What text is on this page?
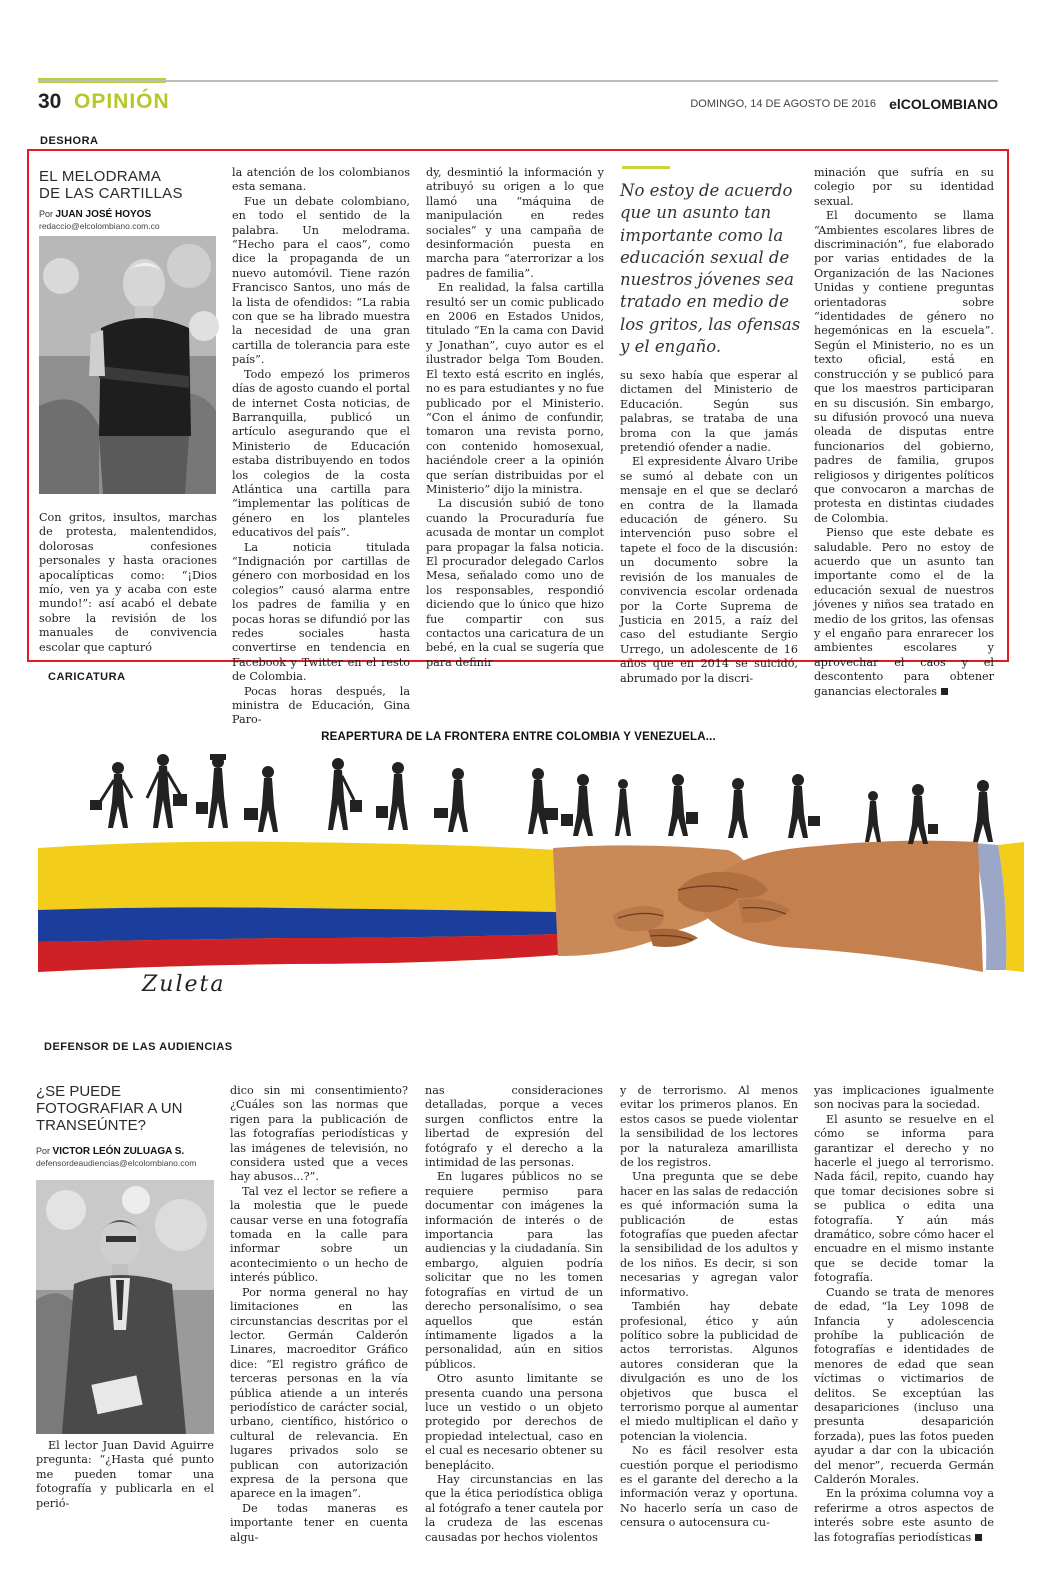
30 OPINIÓN	DOMINGO, 14 DE AGOSTO DE 2016 elCOLOMBIANO
DESHORA
EL MELODRAMA
DE LAS CARTILLAS
Por JUAN JOSÉ HOYOS
redaccio@elcolombiano.com.co

Con gritos, insultos, marchas de protesta, malentendidos, dolorosas confesiones personales y hasta oraciones apocalípticas como: “¡Dios mío, ven ya y acaba con este mundo!”: así acabó el debate sobre la revisión de los manuales de convivencia escolar que capturó

la atención de los colombianos esta semana.

Fue un debate colombiano, en todo el sentido de la palabra. Un melodrama. “Hecho para el caos”, como dice la propaganda de un nuevo automóvil. Tiene razón Francisco Santos, uno más de la lista de ofendidos: “La rabia con que se ha librado muestra la necesidad de una gran cartilla de tolerancia para este país”.

Todo empezó los primeros días de agosto cuando el portal de internet Costa noticias, de Barranquilla, publicó un artículo asegurando que el Ministerio de Educación estaba distribuyendo en todos los colegios de la costa Atlántica una cartilla para “implementar las políticas de género en los planteles educativos del país”.

La noticia titulada “Indignación por cartillas de género con morbosidad en los colegios” causó alarma entre los padres de familia y en pocas horas se difundió por las redes sociales hasta convertirse en tendencia en Facebook y Twitter en el resto de Colombia.

Pocas horas después, la ministra de Educación, Gina Paro-

dy, desmintió la información y atribuyó su origen a lo que llamó una “máquina de manipulación en redes sociales” y una campaña de desinformación puesta en marcha para “aterrorizar a los padres de familia”.

En realidad, la falsa cartilla resultó ser un comic publicado en 2006 en Estados Unidos, titulado “En la cama con David y Jonathan”, cuyo autor es el ilustrador belga Tom Bouden. El texto está escrito en inglés, no es para estudiantes y no fue publicado por el Ministerio. “Con el ánimo de confundir, tomaron una revista porno, con contenido homosexual, haciéndole creer a la opinión que serían distribuidas por el Ministerio” dijo la ministra.

La discusión subió de tono cuando la Procuraduría fue acusada de montar un complot para propagar la falsa noticia. El procurador delegado Carlos Mesa, señalado como uno de los responsables, respondió diciendo que lo único que hizo fue compartir con sus contactos una caricatura de un bebé, en la cual se sugería que para definir

No estoy de acuerdo que un asunto tan importante como la educación sexual de nuestros jóvenes sea tratado en medio de los gritos, las ofensas y el engaño.

su sexo había que esperar al dictamen del Ministerio de Educación. Según sus palabras, se trataba de una broma con la que jamás pretendió ofender a nadie.

El expresidente Álvaro Uribe se sumó al debate con un mensaje en el que se declaró en contra de la llamada educación de género. Su intervención puso sobre el tapete el foco de la discusión: un documento sobre la revisión de los manuales de convivencia escolar ordenada por la Corte Suprema de Justicia en 2015, a raíz del caso del estudiante Sergio Urrego, un adolescente de 16 años que en 2014 se suicidó, abrumado por la discri-

minación que sufría en su colegio por su identidad sexual.

El documento se llama “Ambientes escolares libres de discriminación”, fue elaborado por varias entidades de la Organización de las Naciones Unidas y contiene preguntas orientadoras sobre “identidades de género no hegemónicas en la escuela”. Según el Ministerio, no es un texto oficial, está en construcción y se publicó para que los maestros participaran en su discusión. Sin embargo, su difusión provocó una nueva oleada de disputas entre funcionarios del gobierno, padres de familia, grupos religiosos y dirigentes políticos que convocaron a marchas de protesta en distintas ciudades de Colombia.

Pienso que este debate es saludable. Pero no estoy de acuerdo que un asunto tan importante como el de la educación sexual de nuestros jóvenes y niños sea tratado en medio de los gritos, las ofensas y el engaño para enrarecer los ambientes escolares y aprovechar el caos y el descontento para obtener ganancias electorales

CARICATURA
REAPERTURA DE LA FRONTERA ENTRE COLOMBIA Y VENEZUELA...
Zuleta
DEFENSOR DE LAS AUDIENCIAS
¿SE PUEDE
FOTOGRAFIAR A UN
TRANSEÚNTE?
Por VICTOR LEÓN ZULUAGA S.
defensordeaudiencias@elcolombiano.com

El lector Juan David Aguirre pregunta: “¿Hasta qué punto me pueden tomar una fotografía y publicarla en el perió-

dico sin mi consentimiento? ¿Cuáles son las normas que rigen para la publicación de las fotografías periodísticas y las imágenes de televisión, no considera usted que a veces hay abusos...?”.

Tal vez el lector se refiere a la molestia que le puede causar verse en una fotografía tomada en la calle para informar sobre un acontecimiento o un hecho de interés público.

Por norma general no hay limitaciones en las circunstancias descritas por el lector. Germán Calderón Linares, macroeditor Gráfico dice: “El registro gráfico de terceras personas en la vía pública atiende a un interés periodístico de carácter social, urbano, científico, histórico o cultural de relevancia. En lugares privados solo se publican con autorización expresa de la persona que aparece en la imagen”.

De todas maneras es importante tener en cuenta algu-

nas consideraciones detalladas, porque a veces surgen conflictos entre la libertad de expresión del fotógrafo y el derecho a la intimidad de las personas.

En lugares públicos no se requiere permiso para documentar con imágenes la información de interés o de importancia para las audiencias y la ciudadanía. Sin embargo, alguien podría solicitar que no les tomen fotografías en virtud de un derecho personalísimo, o sea aquellos que están íntimamente ligados a la personalidad, aún en sitios públicos.

Otro asunto limitante se presenta cuando una persona luce un vestido o un objeto protegido por derechos de propiedad intelectual, caso en el cual es necesario obtener su beneplácito.

Hay circunstancias en las que la ética periodística obliga al fotógrafo a tener cautela por la crudeza de las escenas causadas por hechos violentos

y de terrorismo. Al menos evitar los primeros planos. En estos casos se puede violentar la sensibilidad de los lectores por la naturaleza amarillista de los registros.

Una pregunta que se debe hacer en las salas de redacción es qué información suma la publicación de estas fotografías que pueden afectar la sensibilidad de los adultos y de los niños. Es decir, si son necesarias y agregan valor informativo.

También hay debate profesional, ético y aún político sobre la publicidad de actos terroristas. Algunos autores consideran que la divulgación es uno de los objetivos que busca el terrorismo porque al aumentar el miedo multiplican el daño y potencian la violencia.

No es fácil resolver esta cuestión porque el periodismo es el garante del derecho a la información veraz y oportuna. No hacerlo sería un caso de censura o autocensura cu-

yas implicaciones igualmente son nocivas para la sociedad.

El asunto se resuelve en el cómo se informa para garantizar el derecho y no hacerle el juego al terrorismo. Nada fácil, repito, cuando hay que tomar decisiones sobre si se publica o edita una fotografía. Y aún más dramático, sobre cómo hacer el encuadre en el mismo instante que se decide tomar la fotografía.

Cuando se trata de menores de edad, “la Ley 1098 de Infancia y adolescencia prohíbe la publicación de fotografías e identidades de menores de edad que sean víctimas o victimarios de delitos. Se exceptúan las desapariciones (incluso una presunta desaparición forzada), pues las fotos pueden ayudar a dar con la ubicación del menor”, recuerda Germán Calderón Morales.

En la próxima columna voy a referirme a otros aspectos de interés sobre este asunto de las fotografías periodísticas
